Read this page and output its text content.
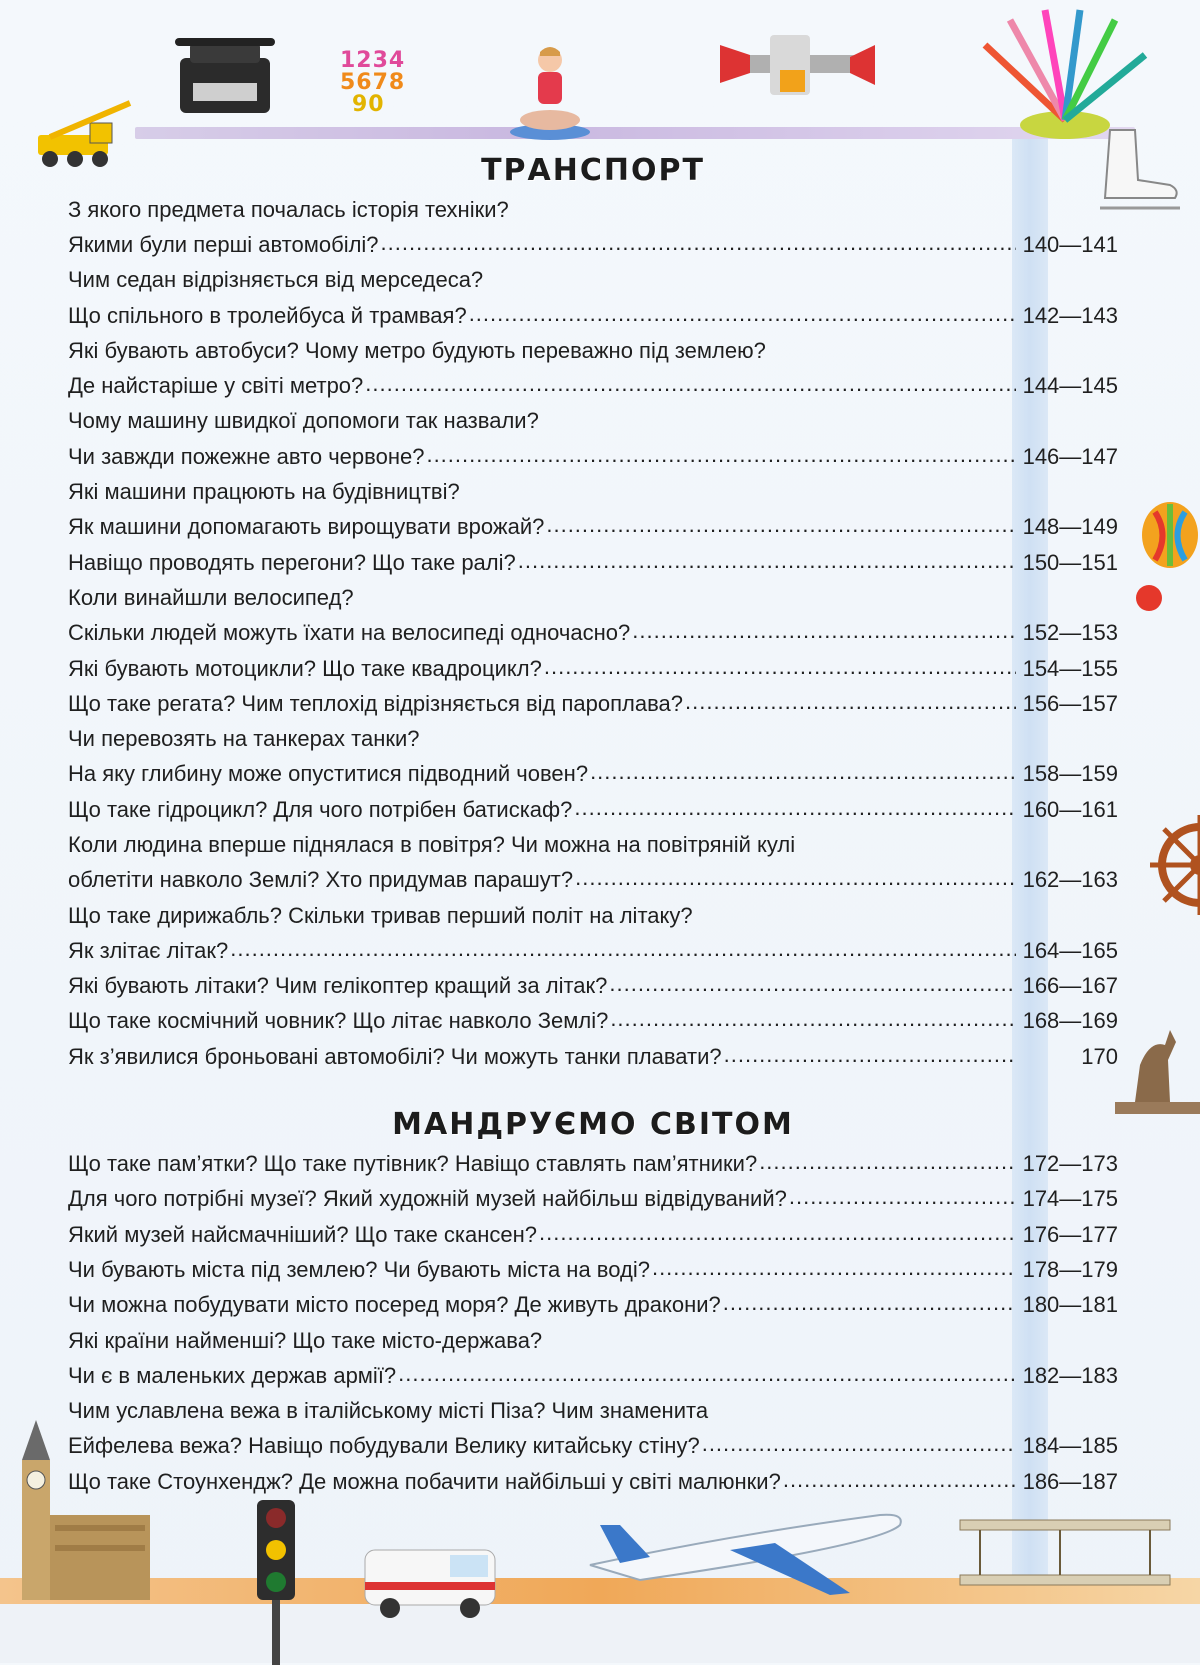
1234
5678
90
ТРАНСПОРТ
З якого предмета почалась історія техніки?
Якими були перші автомобілі? .....	140—141
Чим седан відрізняється від мерседеса?
Що спільного в тролейбуса й трамвая? .....	142—143
Які бувають автобуси? Чому метро будують переважно під землею?
Де найстаріше у світі метро? .....	144—145
Чому машину швидкої допомоги так назвали?
Чи завжди пожежне авто червоне? .....	146—147
Які машини працюють на будівництві?
Як машини допомагають вирощувати врожай? .....	148—149
Навіщо проводять перегони? Що таке ралі? .....	150—151
Коли винайшли велосипед?
Скільки людей можуть їхати на велосипеді одночасно? .....	152—153
Які бувають мотоцикли? Що таке квадроцикл? .....	154—155
Що таке регата? Чим теплохід відрізняється від пароплава? .....	156—157
Чи перевозять на танкерах танки?
На яку глибину може опуститися підводний човен? .....	158—159
Що таке гідроцикл? Для чого потрібен батискаф? .....	160—161
Коли людина вперше піднялася в повітря? Чи можна на повітряній кулі
облетіти навколо Землі? Хто придумав парашут? .....	162—163
Що таке дирижабль? Скільки тривав перший політ на літаку?
Як злітає літак? .....	164—165
Які бувають літаки? Чим гелікоптер кращий за літак? .....	166—167
Що таке космічний човник? Що літає навколо Землі? .....	168—169
Як з’явилися броньовані автомобілі? Чи можуть танки плавати? .....	170
МАНДРУЄМО СВІТОМ
Що таке пам’ятки? Що таке путівник? Навіщо ставлять пам’ятники? .....	172—173
Для чого потрібні музеї? Який художній музей найбільш відвідуваний? .....	174—175
Який музей найсмачніший? Що таке скансен? .....	176—177
Чи бувають міста під землею? Чи бувають міста на воді? .....	178—179
Чи можна побудувати місто посеред моря? Де живуть дракони? .....	180—181
Які країни найменші? Що таке місто-держава?
Чи є в маленьких держав армії? .....	182—183
Чим уславлена вежа в італійському місті Піза? Чим знаменита
Ейфелева вежа? Навіщо побудували Велику китайську стіну? .....	184—185
Що таке Стоунхендж? Де можна побачити найбільші у світі малюнки? .....	186—187
